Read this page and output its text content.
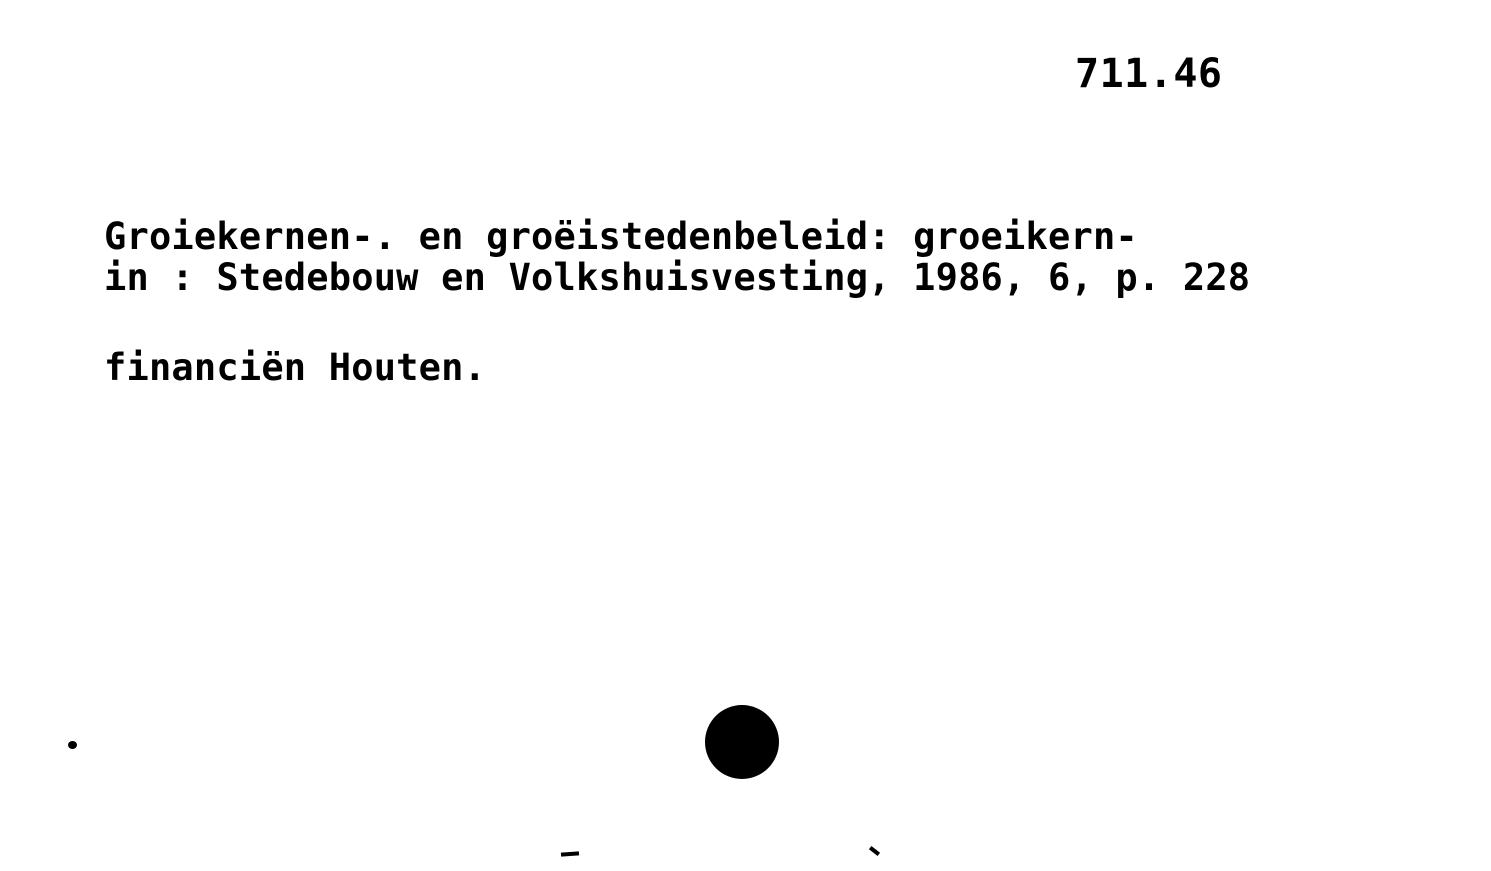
711.46

Groiekernen-. en groëistedenbeleid: groeikern-

financiën Houten.

in : Stedebouw en Volkshuisvesting, 1986, 6, p. 228
